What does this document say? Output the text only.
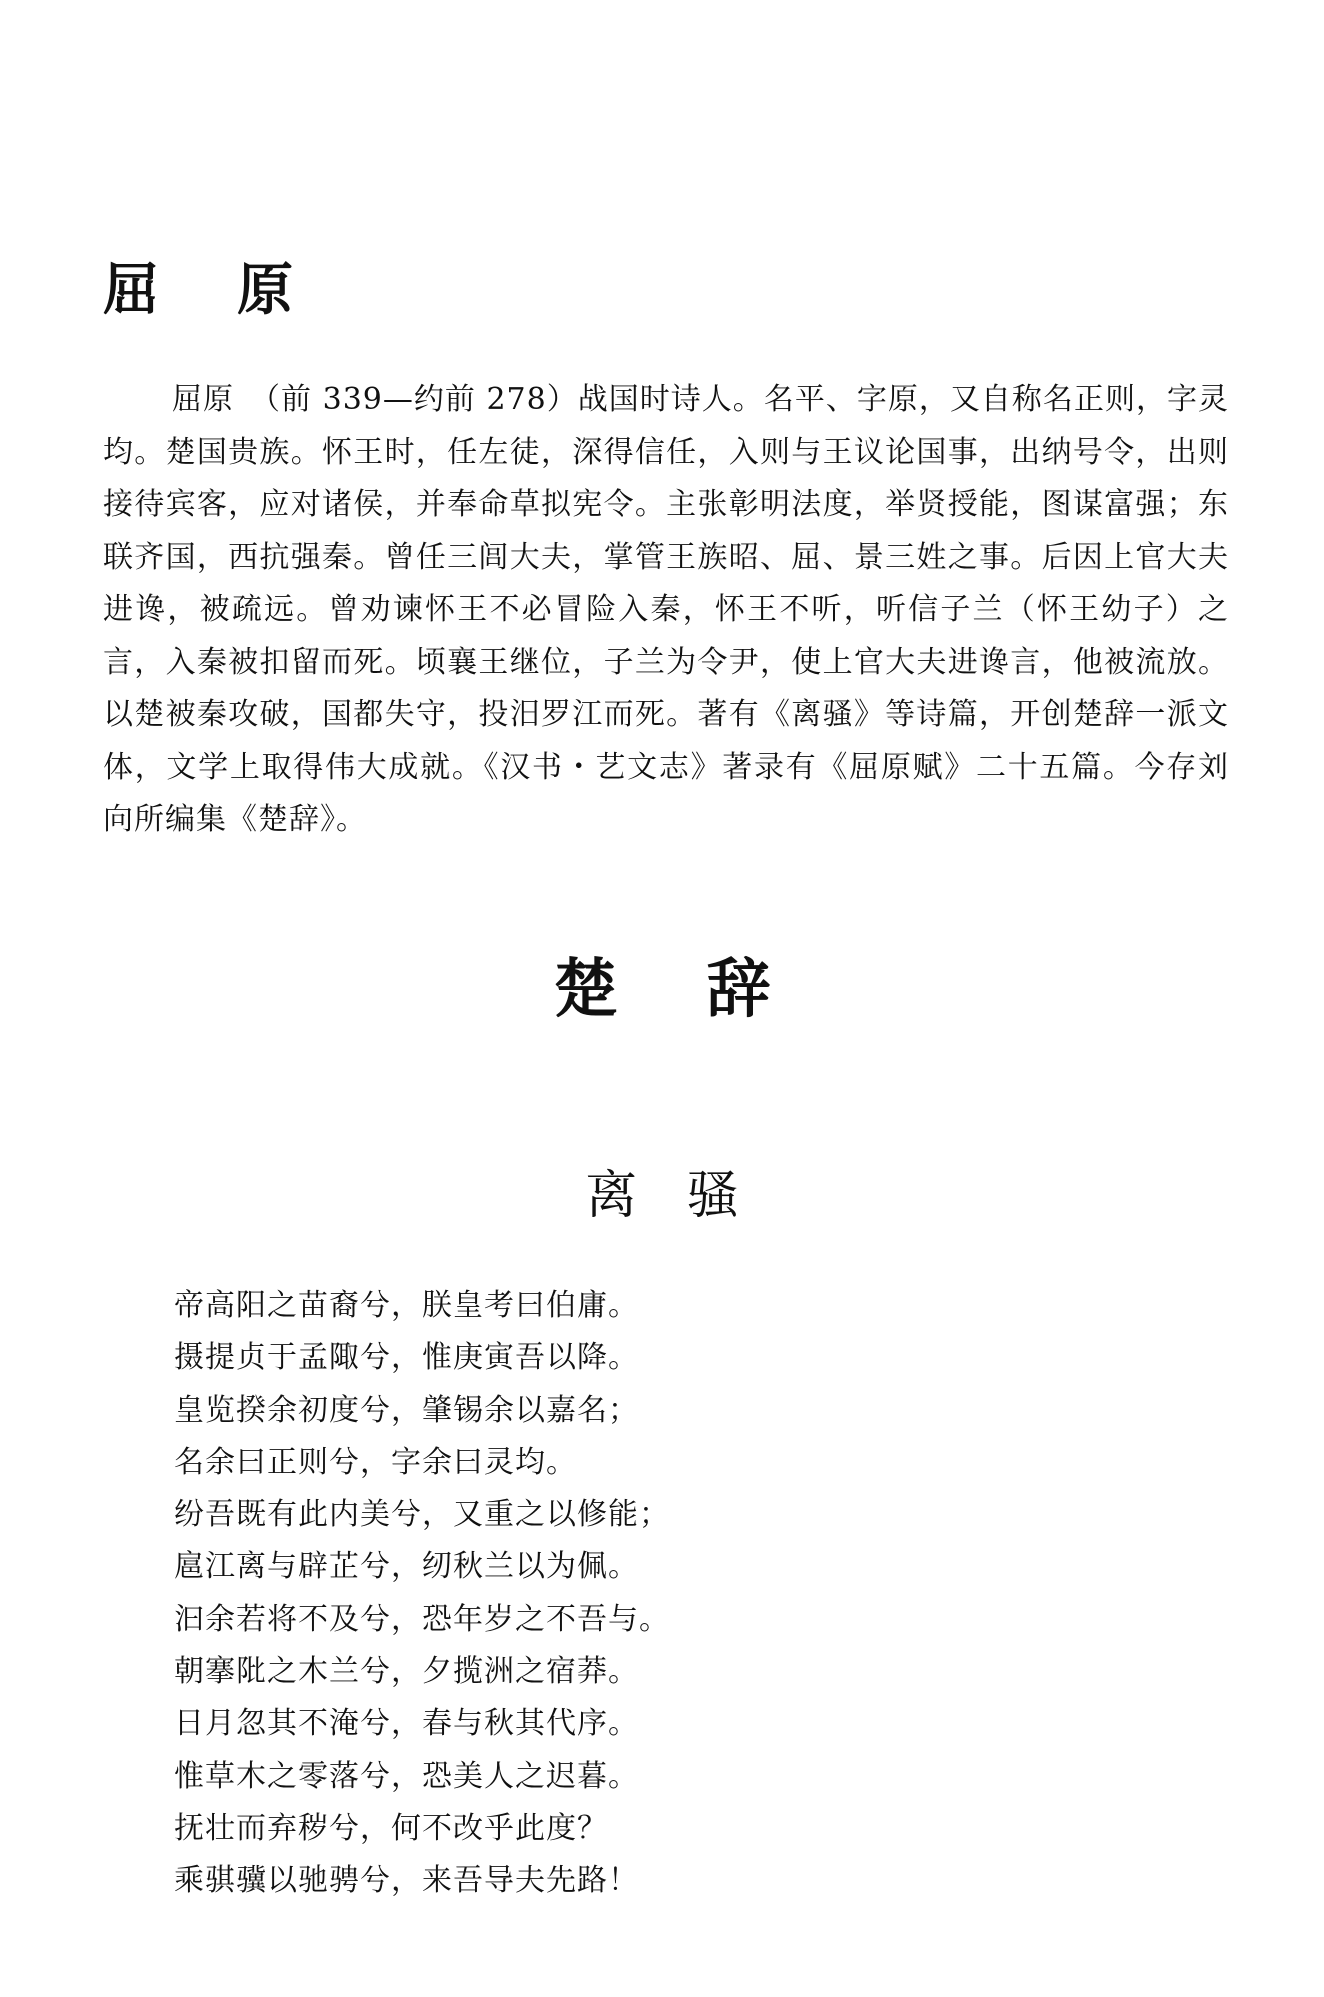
屈    原

屈原　（前 339—约前 278）战国时诗人。名平、字原，又自称名正则，字灵均。楚国贵族。怀王时，任左徒，深得信任，入则与王议论国事，出纳号令，出则接待宾客，应对诸侯，并奉命草拟宪令。主张彰明法度，举贤授能，图谋富强；东联齐国，西抗强秦。曾任三闾大夫，掌管王族昭、屈、景三姓之事。后因上官大夫进谗，被疏远。曾劝谏怀王不必冒险入秦，怀王不听，听信子兰（怀王幼子）之言，入秦被扣留而死。顷襄王继位，子兰为令尹，使上官大夫进谗言，他被流放。以楚被秦攻破，国都失守，投汨罗江而死。著有《离骚》等诗篇，开创楚辞一派文体，文学上取得伟大成就。《汉书・艺文志》著录有《屈原赋》二十五篇。今存刘向所编集《楚辞》。

楚    辞
离   骚
帝高阳之苗裔兮，朕皇考曰伯庸。
摄提贞于孟陬兮，惟庚寅吾以降。
皇览揆余初度兮，肇锡余以嘉名；
名余曰正则兮，字余曰灵均。
纷吾既有此内美兮，又重之以修能；
扈江离与辟芷兮，纫秋兰以为佩。
汩余若将不及兮，恐年岁之不吾与。
朝搴阰之木兰兮，夕揽洲之宿莽。
日月忽其不淹兮，春与秋其代序。
惟草木之零落兮，恐美人之迟暮。
抚壮而弃秽兮，何不改乎此度？
乘骐骥以驰骋兮，来吾导夫先路！
